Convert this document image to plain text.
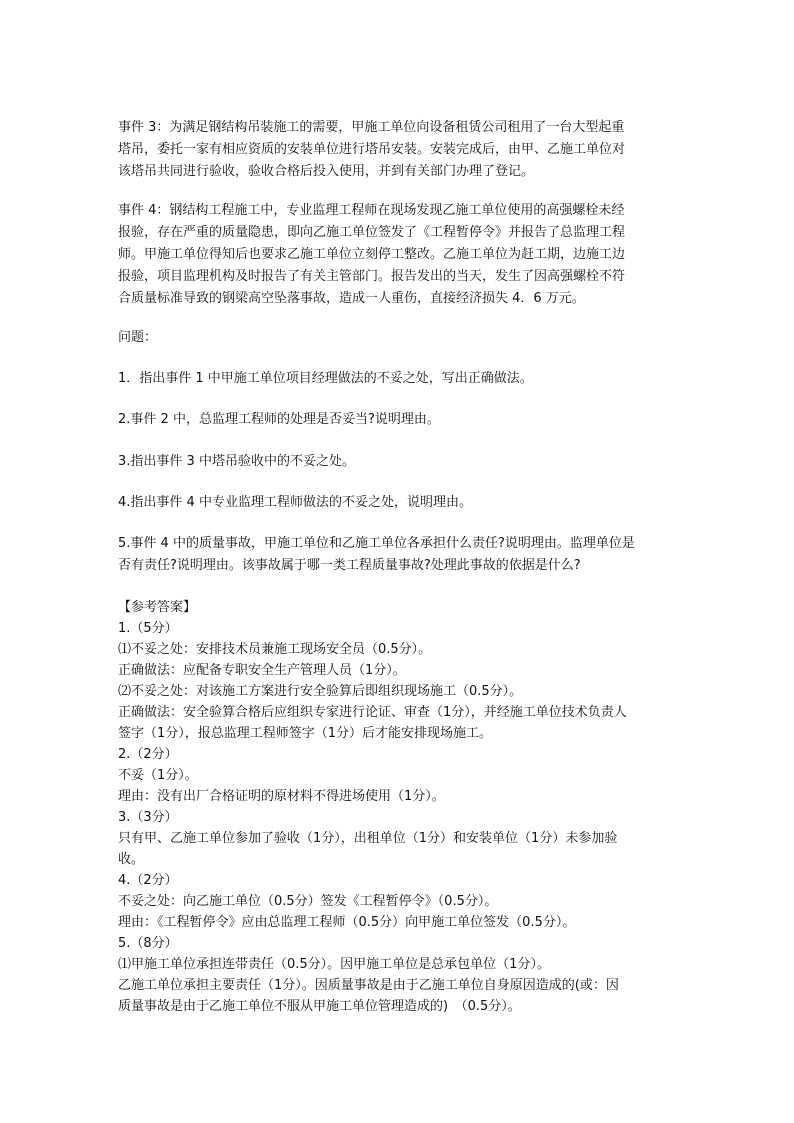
事件 3：为满足钢结构吊装施工的需要，甲施工单位向设备租赁公司租用了一台大型起重
塔吊，委托一家有相应资质的安装单位进行塔吊安装。安装完成后，由甲、乙施工单位对
该塔吊共同进行验收，验收合格后投入使用，并到有关部门办理了登记。
事件 4：钢结构工程施工中，专业监理工程师在现场发现乙施工单位使用的高强螺栓未经
报验，存在严重的质量隐患，即向乙施工单位签发了《工程暂停令》并报告了总监理工程
师。甲施工单位得知后也要求乙施工单位立刻停工整改。乙施工单位为赶工期，边施工边
报验，项目监理机构及时报告了有关主管部门。报告发出的当天，发生了因高强螺栓不符
合质量标准导致的钢梁高空坠落事故，造成一人重伤，直接经济损失 4．6 万元。
问题：
1．指出事件 1 中甲施工单位项目经理做法的不妥之处，写出正确做法。
2.事件 2 中，总监理工程师的处理是否妥当?说明理由。
3.指出事件 3 中塔吊验收中的不妥之处。
4.指出事件 4 中专业监理工程师做法的不妥之处，说明理由。
5.事件 4 中的质量事故，甲施工单位和乙施工单位各承担什么责任?说明理由。监理单位是
否有责任?说明理由。该事故属于哪一类工程质量事故?处理此事故的依据是什么?
【参考答案】
1.（5分）
⑴不妥之处：安排技术员兼施工现场安全员（0.5分）。
正确做法：应配备专职安全生产管理人员（1分）。
⑵不妥之处：对该施工方案进行安全验算后即组织现场施工（0.5分）。
正确做法：安全验算合格后应组织专家进行论证、审查（1分），并经施工单位技术负责人
签字（1分），报总监理工程师签字（1分）后才能安排现场施工。
2.（2分）
不妥（1分）。
理由：没有出厂合格证明的原材料不得进场使用（1分）。
3.（3分）
只有甲、乙施工单位参加了验收（1分），出租单位（1分）和安装单位（1分）未参加验
收。
4.（2分）
不妥之处：向乙施工单位（0.5分）签发《工程暂停令》（0.5分）。
理由：《工程暂停令》应由总监理工程师（0.5分）向甲施工单位签发（0.5分）。
5.（8分）
⑴甲施工单位承担连带责任（0.5分）。因甲施工单位是总承包单位（1分）。
乙施工单位承担主要责任（1分）。因质量事故是由于乙施工单位自身原因造成的(或：因
质量事故是由于乙施工单位不服从甲施工单位管理造成的)　（0.5分）。
